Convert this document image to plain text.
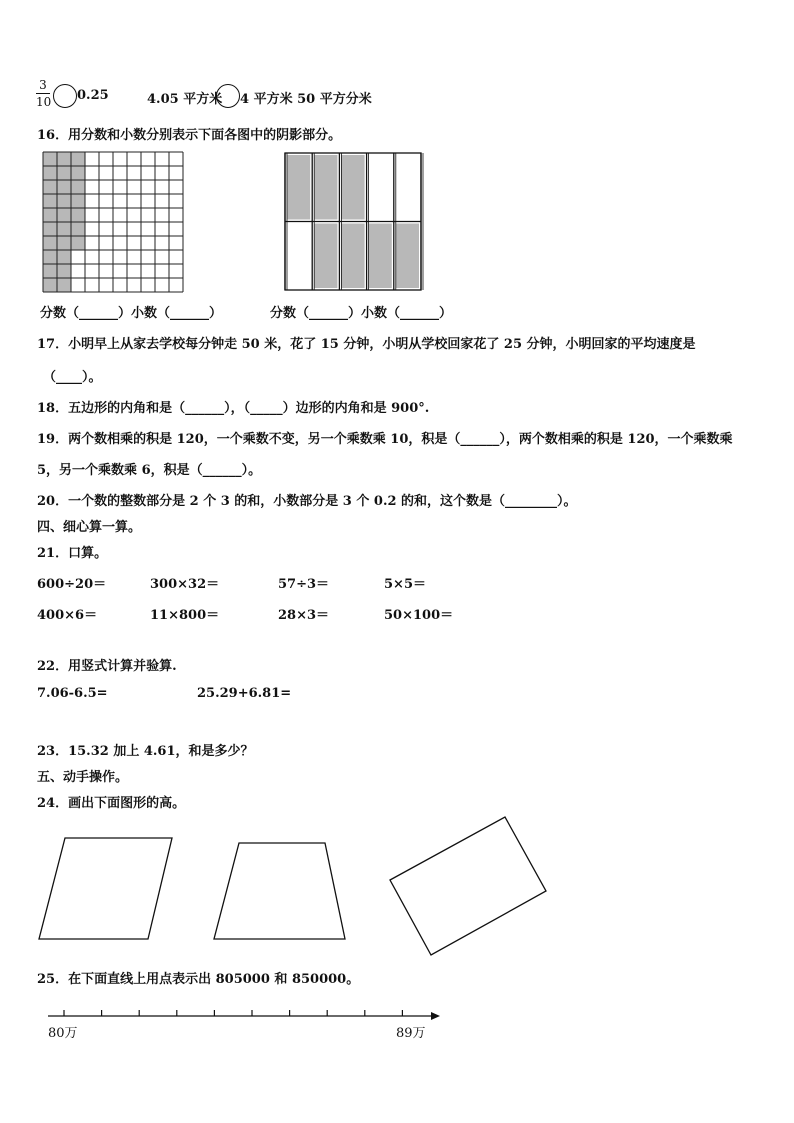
3
10 0.25	4.05 平方米 4 平方米 50 平方分米
16．用分数和小数分别表示下面各图中的阴影部分。
分数（______）小数（______）	分数（______）小数（______）
17．小明早上从家去学校每分钟走 50 米，花了 15 分钟，小明从学校回家花了 25 分钟，小明回家的平均速度是
（____）。
18．五边形的内角和是（______），（_____）边形的内角和是 900°.
19．两个数相乘的积是 120，一个乘数不变，另一个乘数乘 10，积是（______），两个数相乘的积是 120，一个乘数乘
5，另一个乘数乘 6，积是（______）。
20．一个数的整数部分是 2 个 3 的和，小数部分是 3 个 0.2 的和，这个数是（________）。
四、细心算一算。
21．口算。
600÷20＝	300×32＝	57÷3＝	5×5＝
400×6＝	11×800＝	28×3＝	50×100＝
22．用竖式计算并验算.
7.06-6.5=	25.29+6.81=
23．15.32 加上 4.61，和是多少？
五、动手操作。
24．画出下面图形的高。
25．在下面直线上用点表示出 805000 和 850000。
80万	89万
